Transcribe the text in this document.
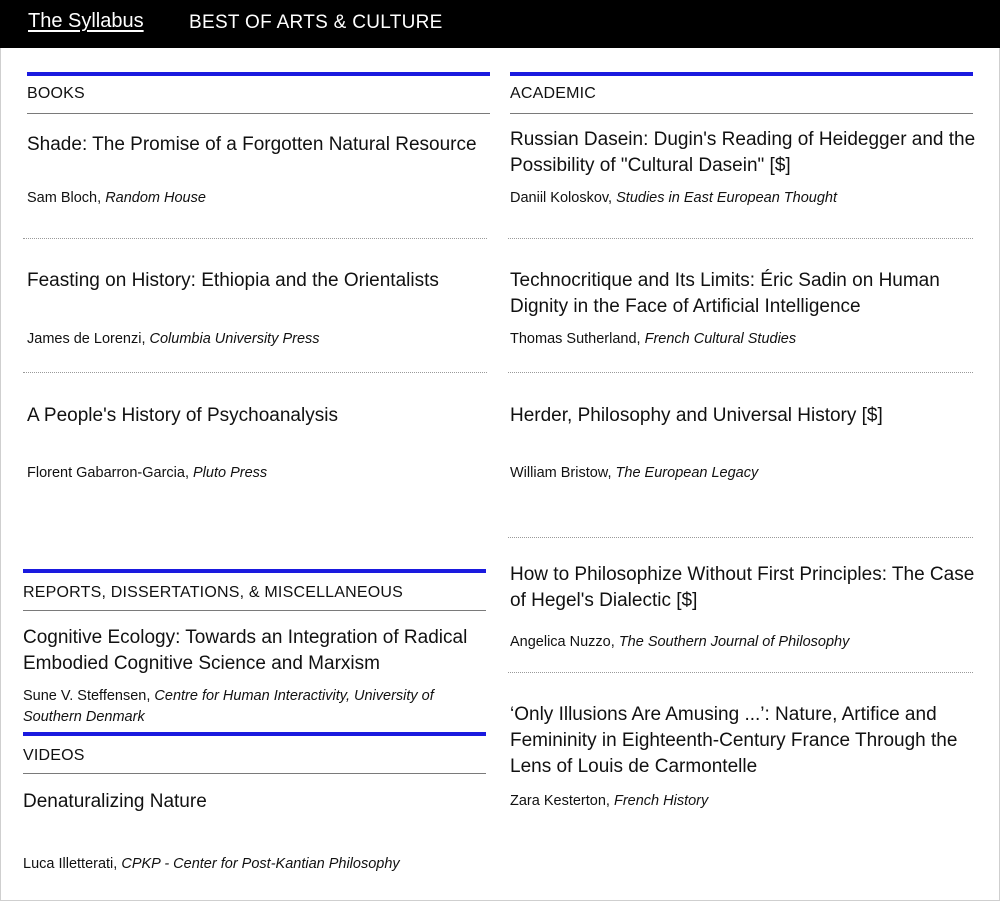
The Syllabus BEST OF ARTS & CULTURE
BOOKS
Shade: The Promise of a Forgotten Natural Resource
Sam Bloch, Random House
Feasting on History: Ethiopia and the Orientalists
James de Lorenzi, Columbia University Press
A People's History of Psychoanalysis
Florent Gabarron-Garcia, Pluto Press
REPORTS, DISSERTATIONS, & MISCELLANEOUS
Cognitive Ecology: Towards an Integration of Radical Embodied Cognitive Science and Marxism
Sune V. Steffensen, Centre for Human Interactivity, University of Southern Denmark
VIDEOS
Denaturalizing Nature
Luca Illetterati, CPKP - Center for Post-Kantian Philosophy
ACADEMIC
Russian Dasein: Dugin's Reading of Heidegger and the Possibility of "Cultural Dasein" [$]
Daniil Koloskov, Studies in East European Thought
Technocritique and Its Limits: Éric Sadin on Human Dignity in the Face of Artificial Intelligence
Thomas Sutherland, French Cultural Studies
Herder, Philosophy and Universal History [$]
William Bristow, The European Legacy
How to Philosophize Without First Principles: The Case of Hegel's Dialectic [$]
Angelica Nuzzo, The Southern Journal of Philosophy
‘Only Illusions Are Amusing ...’: Nature, Artifice and Femininity in Eighteenth-Century France Through the Lens of Louis de Carmontelle
Zara Kesterton, French History
